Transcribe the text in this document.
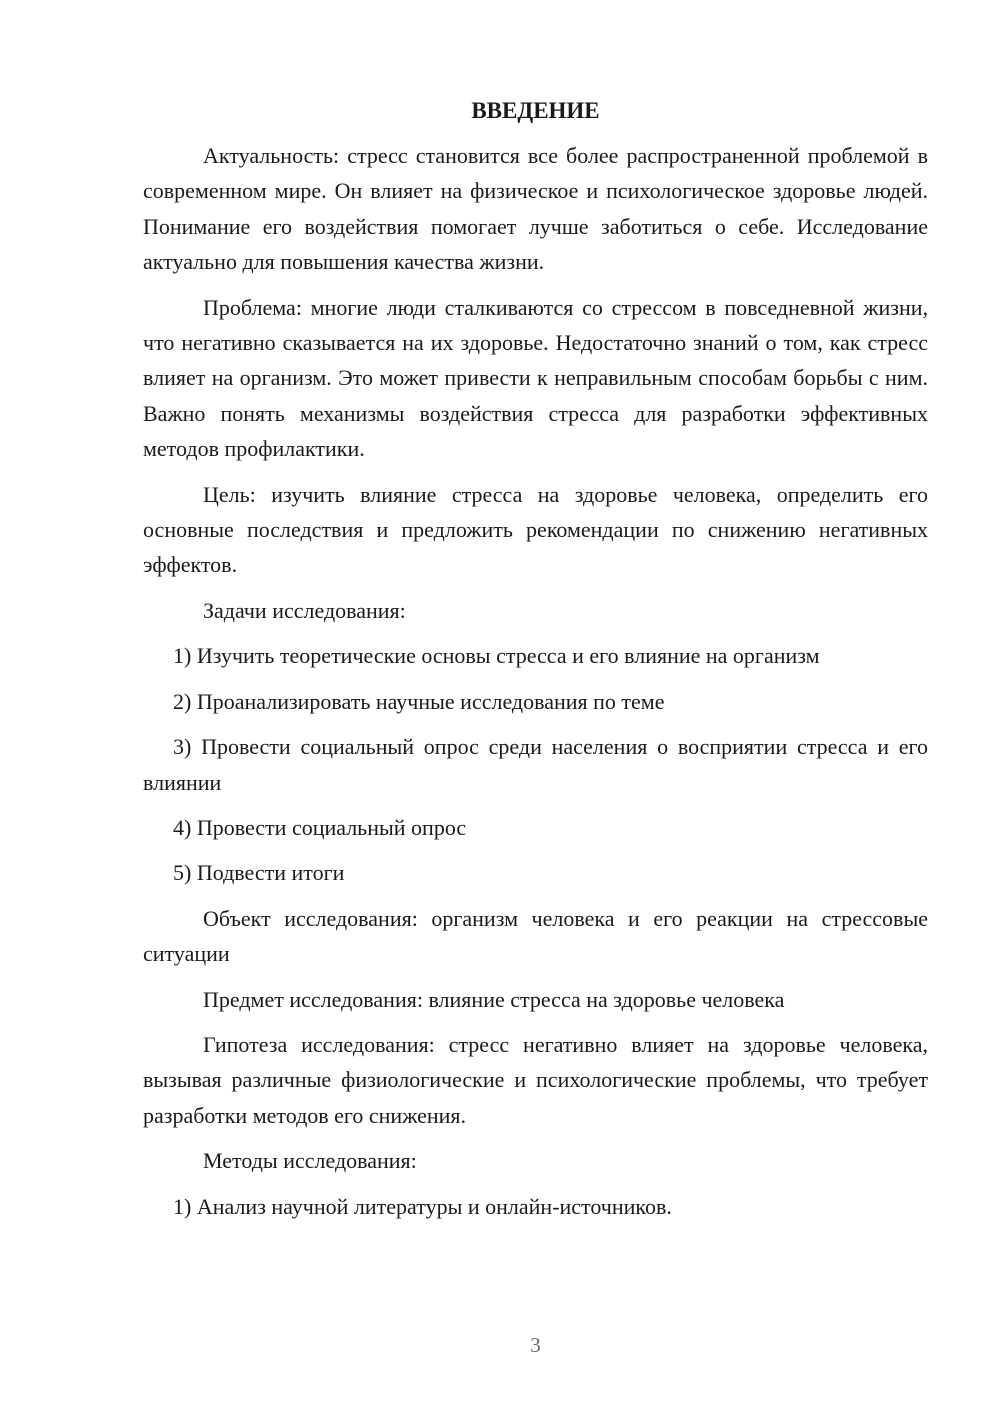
ВВЕДЕНИЕ

Актуальность: стресс становится все более распространенной проблемой в современном мире. Он влияет на физическое и психологическое здоровье людей. Понимание его воздействия помогает лучше заботиться о себе. Исследование актуально для повышения качества жизни.

Проблема: многие люди сталкиваются со стрессом в повседневной жизни, что негативно сказывается на их здоровье. Недостаточно знаний о том, как стресс влияет на организм. Это может привести к неправильным способам борьбы с ним. Важно понять механизмы воздействия стресса для разработки эффективных методов профилактики.

Цель: изучить влияние стресса на здоровье человека, определить его основные последствия и предложить рекомендации по снижению негативных эффектов.

Задачи исследования:

1) Изучить теоретические основы стресса и его влияние на организм

2) Проанализировать научные исследования по теме

3) Провести социальный опрос среди населения о восприятии стресса и его влиянии

4) Провести социальный опрос

5) Подвести итоги

Объект исследования: организм человека и его реакции на стрессовые ситуации

Предмет исследования: влияние стресса на здоровье человека

Гипотеза исследования: стресс негативно влияет на здоровье человека, вызывая различные физиологические и психологические проблемы, что требует разработки методов его снижения.

Методы исследования:

1) Анализ научной литературы и онлайн-источников.

3
